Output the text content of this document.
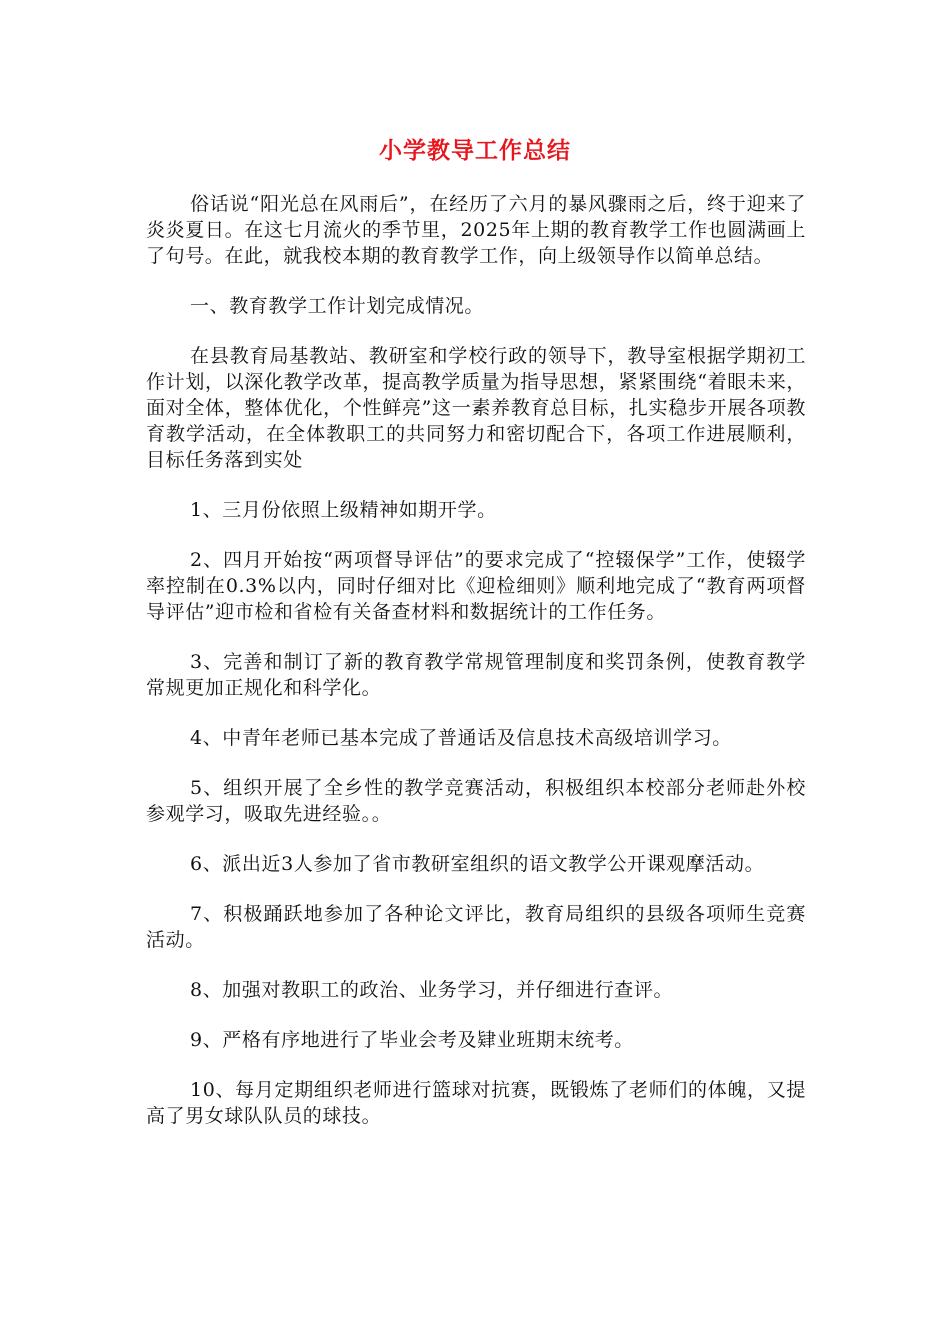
小学教导工作总结

俗话说“阳光总在风雨后”，在经历了六月的暴风骤雨之后，终于迎来了炎炎夏日。在这七月流火的季节里，2025年上期的教育教学工作也圆满画上了句号。在此，就我校本期的教育教学工作，向上级领导作以简单总结。

一、教育教学工作计划完成情况。

在县教育局基教站、教研室和学校行政的领导下，教导室根据学期初工作计划，以深化教学改革，提高教学质量为指导思想，紧紧围绕“着眼未来，面对全体，整体优化，个性鲜亮”这一素养教育总目标，扎实稳步开展各项教育教学活动，在全体教职工的共同努力和密切配合下，各项工作进展顺利，目标任务落到实处

1、三月份依照上级精神如期开学。

2、四月开始按“两项督导评估”的要求完成了“控辍保学”工作，使辍学率控制在0.3%以内，同时仔细对比《迎检细则》顺利地完成了“教育两项督导评估”迎市检和省检有关备查材料和数据统计的工作任务。

3、完善和制订了新的教育教学常规管理制度和奖罚条例，使教育教学常规更加正规化和科学化。

4、中青年老师已基本完成了普通话及信息技术高级培训学习。

5、组织开展了全乡性的教学竞赛活动，积极组织本校部分老师赴外校参观学习，吸取先进经验。。

6、派出近3人参加了省市教研室组织的语文教学公开课观摩活动。

7、积极踊跃地参加了各种论文评比，教育局组织的县级各项师生竞赛活动。

8、加强对教职工的政治、业务学习，并仔细进行查评。

9、严格有序地进行了毕业会考及肄业班期末统考。

10、每月定期组织老师进行篮球对抗赛，既锻炼了老师们的体魄，又提高了男女球队队员的球技。
